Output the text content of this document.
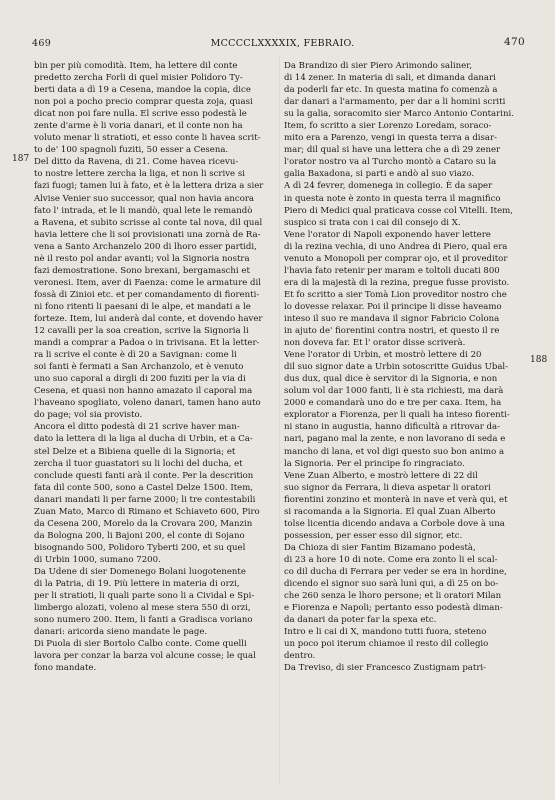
469	MCCCCLXXXXIX, FEBRAIO.	470
187
188
bin per più comodità. Item, ha lettere dil conte
predetto zercha Forli di quel misier Polidoro Ty-
berti data a dì 19 a Cesena, mandoe la copia, dice
non poi a pocho precio comprar questa zoja, quasi
dicat non poi fare nulla. El scrive esso podestà le
zente d'arme è li voria danari, et il conte non ha
voluto menar li stratioti, et esso conte li havea scrit-
to de' 100 spagnoli fuziti, 50 esser a Cesena.
Del ditto da Ravena, di 21. Come havea ricevu-
to nostre lettere zercha la liga, et non li scrive si
fazi fuogi; tamen lui à fato, et è la lettera driza a sier
Alvise Venier suo successor, qual non havia ancora
fato l' intrada, et le li mandò, qual lete le remandò
a Ravena, et subito scrisse al conte tal nova, dil qual
havia lettere che li soi provisionati una zornà de Ra-
vena a Santo Archanzelo 200 di lhoro esser partidi,
nè il resto pol andar avanti; vol la Signoria nostra
fazi demostratione. Sono brexani, bergamaschi et
veronesi. Item, aver di Faenza: come le armature dil
fossà di Zinioi etc. et per comandamento di fiorenti-
ni fono ritenti li paesani di le alpe, et mandati a le
forteze. Item, lui anderà dal conte, et dovendo haver
12 cavalli per la soa creation, scrive la Signoria li
mandi a comprar a Padoa o in trivisana. Et la letter-
ra li scrive el conte è dì 20 a Savignan: come li
soi fanti è fermati a San Archanzolo, et è venuto
uno suo caporal a dirgli di 200 fuziti per la via di
Cesena, et quasi non hanno amazato il caporal ma
l'haveano spogliato, voleno danari, tamen hano auto
do page; vol sia provisto.
Ancora el ditto podestà di 21 scrive haver man-
dato la lettera di la liga al ducha di Urbin, et a Ca-
stel Delze et a Bibiena quelle di la Signoria; et
zercha il tuor guastatori su li lochi del ducha, et
conclude questi fanti arà il conte. Per la descrition
fata dil conte 500, sono a Castel Delze 1500. Item,
danari mandati li per farne 2000; li tre contestabili
Zuan Mato, Marco di Rimano et Schiaveto 600, Piro
da Cesena 200, Morelo da la Crovara 200, Manzin
da Bologna 200, li Bajoni 200, el conte di Sojano
bisognando 500, Polidoro Tyberti 200, et su quel
di Urbin 1000, sumano 7200.
Da Udene di sier Domenego Bolani luogotenente
di la Patria, di 19. Più lettere in materia di orzi,
per li stratioti, li quali parte sono li a Cividal e Spi-
limbergo alozati, voleno al mese stera 550 di orzi,
sono numero 200. Item, li fanti a Gradisca voriano
danari: aricorda sieno mandate le page.
Di Puola di sier Bortolo Calbo conte. Come quelli
lavora per conzar la barza vol alcune cosse; le qual
fono mandate.
Da Brandizo di sier Piero Arimondo saliner,
di 14 zener. In materia di sali, et dimanda danari
da poderli far etc. In questa matina fo comenzà a
dar danari a l'armamento, per dar a li homini scriti
su la galia, soracomito sier Marco Antonio Contarini.
Item, fo scritto a sier Lorenzo Loredam, soraco-
mito era a Parenzo, vengi in questa terra a disar-
mar; dil qual si have una lettera che a dì 29 zener
l'orator nostro va al Turcho montò a Cataro su la
galia Baxadona, si parti e andò al suo viazo.
A dì 24 fevrer, domenega in collegio. È da saper
in questa note è zonto in questa terra il magnifico
Piero di Medici qual praticava cosse col Vitelli. Item,
suspico si trata con i cai dil consejo di X.
Vene l'orator di Napoli exponendo haver lettere
di la rezina vechia, di uno Andrea di Piero, qual era
venuto a Monopoli per comprar ojo, et il proveditor
l'havia fato retenir per maram e toltoli ducati 800
era di la majestà di la rezina, pregue fusse provisto.
Et fo scritto a sier Tomà Lion proveditor nostro che
lo dovesse relaxar. Poi il principe li disse haveamo
inteso il suo re mandava il signor Fabricio Colona
in ajuto de' fiorentini contra nostri, et questo il re
non doveva far. Et l' orator disse scriverà.
Vene l'orator di Urbin, et mostrò lettere di 20
dil suo signor date a Urbin sotoscritte Guidus Ubal-
dus dux, qual dice è servitor di la Signoria, e non
solum vol dar 1000 fanti, li è sta richiesti, ma darà
2000 e comandarà uno do e tre per caxa. Item, ha
explorator a Fiorenza, per li quali ha inteso fiorenti-
ni stano in augustia, hanno dificultà a ritrovar da-
nari, pagano mal la zente, e non lavorano di seda e
mancho di lana, et vol digi questo suo bon animo a
la Signoria. Per el principe fo ringraciato.
Vene Zuan Alberto, e mostrò lettere di 22 dil
suo signor da Ferrara, li dieva aspetar li oratori
fiorentini zonzino et monterà in nave et verà qui, et
si racomanda a la Signoria. El qual Zuan Alberto
tolse licentia dicendo andava a Corbole dove à una
possession, per esser esso dil signor, etc.
Da Chioza di sier Fantim Bizamano podestà,
di 23 a hore 10 di note. Come era zonto li el scal-
co dil ducha di Ferrara per veder se era in hordine,
dicendo el signor suo sarà lunì qui, a dì 25 on bo-
che 260 senza le lhoro persone; et li oratori Milan
e Fiorenza e Napoli; pertanto esso podestà diman-
da danari da poter far la spexa etc.
Intro e li cai di X, mandono tutti fuora, steteno
un poco poi iterum chiamoe il resto dil collegio
dentro.
Da Treviso, di sier Francesco Zustignam patri-
